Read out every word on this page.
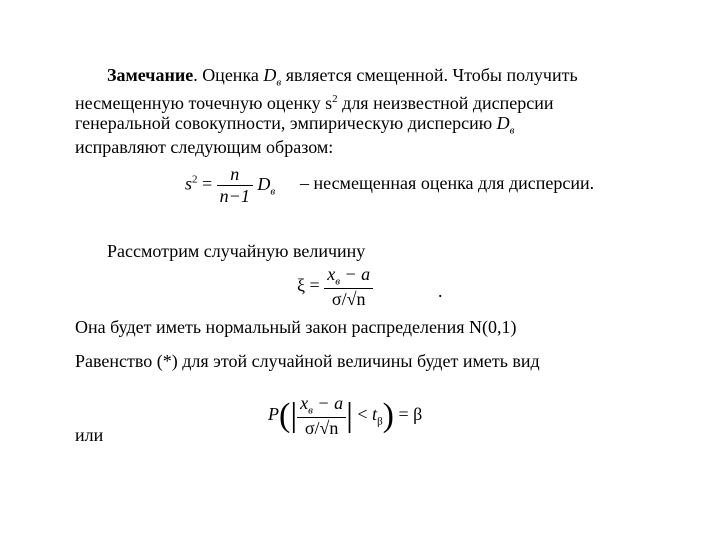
Замечание. Оценка $D_в$ является смещенной. Чтобы получить
несмещенную точечную оценку $s^2$ для неизвестной дисперсии
генеральной совокупности, эмпирическую дисперсию $D_в$
исправляют следующим образом:
$s^2 = \frac{n}{n-1} D_в$ – несмещенная оценка для дисперсии.
Рассмотрим случайную величину
$\xi = \frac{x_в - a}{\sigma/√n}$	.
Она будет иметь нормальный закон распределения N(0,1)
Равенство (*) для этой случайной величины будет иметь вид
$P(| \frac{x_в - a}{\sigma/√n}$ | < $t_\beta) = \beta$
или
